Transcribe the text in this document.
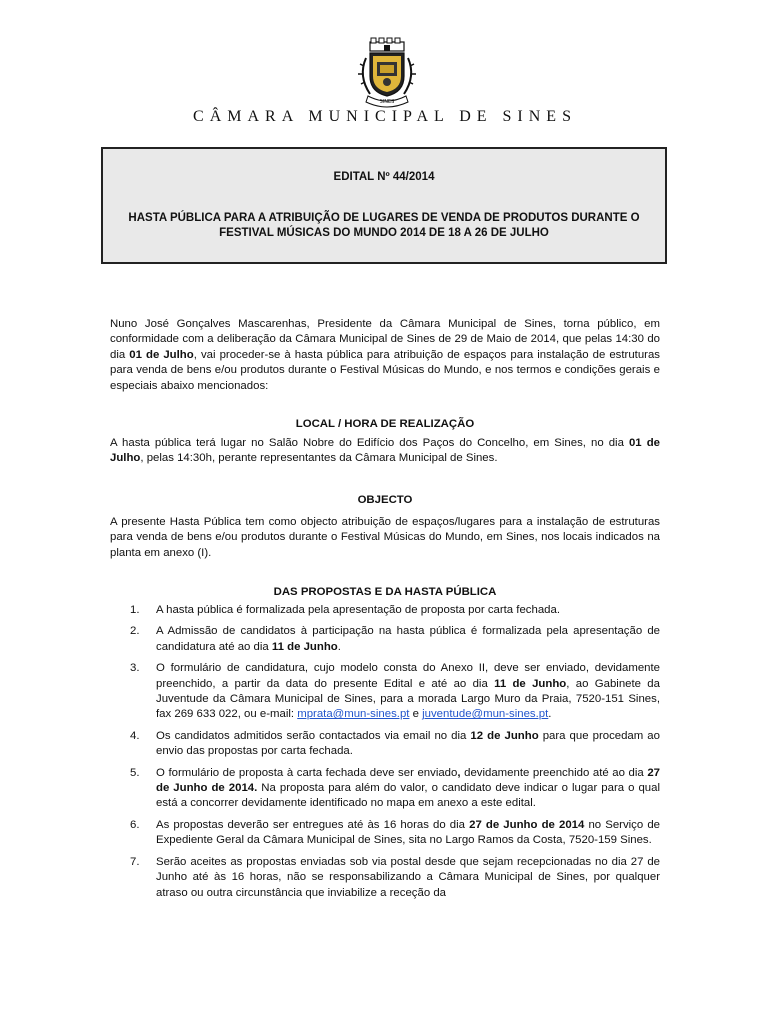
SINES
CÂMARA MUNICIPAL DE SINES
EDITAL Nº 44/2014
HASTA PÚBLICA PARA A ATRIBUIÇÃO DE LUGARES DE VENDA DE PRODUTOS DURANTE O FESTIVAL MÚSICAS DO MUNDO 2014 DE 18 A 26 DE JULHO
Nuno José Gonçalves Mascarenhas, Presidente da Câmara Municipal de Sines, torna público, em conformidade com a deliberação da Câmara Municipal de Sines de 29 de Maio de 2014, que pelas 14:30 do dia 01 de Julho, vai proceder-se à hasta pública para atribuição de espaços para instalação de estruturas para venda de bens e/ou produtos durante o Festival Músicas do Mundo, e nos termos e condições gerais e especiais abaixo mencionados:
LOCAL / HORA DE REALIZAÇÃO
A hasta pública terá lugar no Salão Nobre do Edifício dos Paços do Concelho, em Sines, no dia 01 de Julho, pelas 14:30h, perante representantes da Câmara Municipal de Sines.
OBJECTO
A presente Hasta Pública tem como objecto atribuição de espaços/lugares para a instalação de estruturas para venda de bens e/ou produtos durante o Festival Músicas do Mundo, em Sines, nos locais indicados na planta em anexo (I).
DAS PROPOSTAS E DA HASTA PÚBLICA
1. A hasta pública é formalizada pela apresentação de proposta por carta fechada.
2. A Admissão de candidatos à participação na hasta pública é formalizada pela apresentação de candidatura até ao dia 11 de Junho.
3. O formulário de candidatura, cujo modelo consta do Anexo II, deve ser enviado, devidamente preenchido, a partir da data do presente Edital e até ao dia 11 de Junho, ao Gabinete da Juventude da Câmara Municipal de Sines, para a morada Largo Muro da Praia, 7520-151 Sines, fax 269 633 022, ou e-mail: mprata@mun-sines.pt e juventude@mun-sines.pt.
4. Os candidatos admitidos serão contactados via email no dia 12 de Junho para que procedam ao envio das propostas por carta fechada.
5. O formulário de proposta à carta fechada deve ser enviado, devidamente preenchido até ao dia 27 de Junho de 2014. Na proposta para além do valor, o candidato deve indicar o lugar para o qual está a concorrer devidamente identificado no mapa em anexo a este edital.
6. As propostas deverão ser entregues até às 16 horas do dia 27 de Junho de 2014 no Serviço de Expediente Geral da Câmara Municipal de Sines, sita no Largo Ramos da Costa, 7520-159 Sines.
7. Serão aceites as propostas enviadas sob via postal desde que sejam recepcionadas no dia 27 de Junho até às 16 horas, não se responsabilizando a Câmara Municipal de Sines, por qualquer atraso ou outra circunstância que inviabilize a receção da
